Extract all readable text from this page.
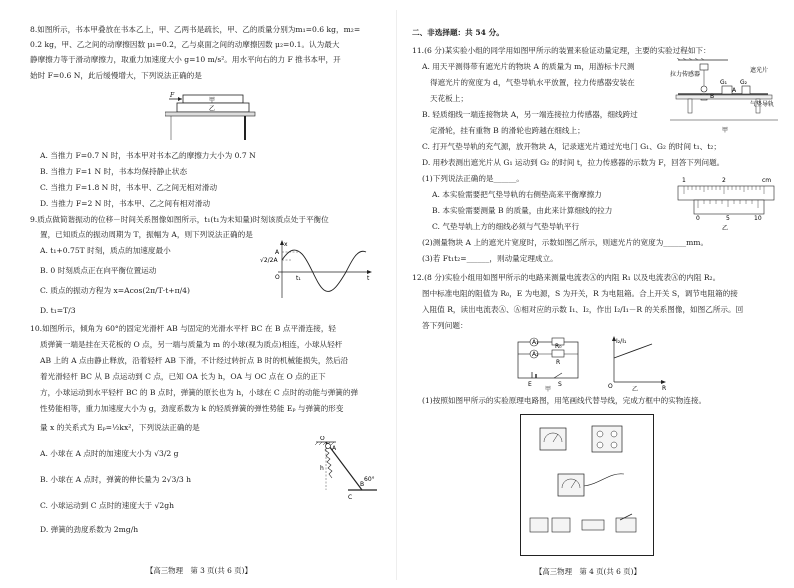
8.如图所示，书本甲叠放在书本乙上，甲、乙两书是疏长，甲、乙的质量分别为m₁=0.6 kg，m₂=

0.2 kg，甲、乙之间的动摩擦因数 μ₁=0.2，乙与桌面之间的动摩擦因数 μ₂=0.1。认为最大

静摩擦力等于滑动摩擦力，取重力加速度大小 g=10 m/s²。用水平向右的力 F 推书本甲，开

始时 F=0.6 N，此后缓慢增大，下列说法正确的是

甲
乙
F
A. 当推力 F=0.7 N 时，书本甲对书本乙的摩擦力大小为 0.7 N
B. 当推力 F=1 N 时，书本均保持静止状态
C. 当推力 F=1.8 N 时，书本甲、乙之间无相对滑动
D. 当推力 F=2 N 时，书本甲、乙之间有相对滑动
9.质点做简谐振动的位移－时间关系图像如图所示，t₁(t₁为未知量)时刻该质点处于平衡位
置，已知质点的振动周期为 T，振幅为 A，则下列说法正确的是
A. t₁+0.75T 时刻，质点的加速度最小
B. 0 时刻质点正在向平衡位置运动
C. 质点的振动方程为 x=Acos(2π/T·t+π/4)
D. t₁=T/3
x
t
O
A
√2/2A
t₁
10.如图所示，倾角为 60°的固定光滑杆 AB 与固定的光滑水平杆 BC 在 B 点平滑连接，轻
质弹簧一端是挂在天花板的 O 点，另一端与质量为 m 的小球(视为质点)相连，小球从轻杆
AB 上的 A 点由静止释放，沿着轻杆 AB 下滑，不计经过转折点 B 时的机械能损失，然后沿
着光滑轻杆 BC 从 B 点运动到 C 点，已知 OA 长为 h，OA 与 OC 点在 O 点的正下
方，小球运动到水平轻杆 BC 的 B 点时，弹簧的原长也为 h，小球在 C 点时的动能与弹簧的弹
性势能相等，重力加速度大小为 g，劲度系数为 k 的轻质弹簧的弹性势能 Eₚ 与弹簧的形变
量 x 的关系式为 Eₚ=½kx²，下列说法正确的是
A. 小球在 A 点时的加速度大小为 √3/2 g
B. 小球在 A 点时，弹簧的伸长量为 2√3/3 h
C. 小球运动到 C 点时的速度大于 √2gh
D. 弹簧的劲度系数为 2mg/h
O
A
B
C
60°
h
【高三物理　第 3 页(共 6 页)】
二、非选择题：共 54 分。
11.(6 分)某实验小组的同学用如图甲所示的装置来验证动量定理，主要的实验过程如下：
A. 用天平测得带有遮光片的物块 A 的质量为 m，用游标卡尺测
得遮光片的宽度为 d，气垫导轨水平放置，拉力传感器安装在
天花板上；
B. 轻质细线一端连接物块 A，另一端连接拉力传感器，细线跨过
定滑轮，挂有重物 B 的滑轮也跨越在细线上；
C. 打开气垫导轨的充气源，放开物块 A，记录遮光片通过光电门 G₁、G₂ 的时间 t₁、t₂；
D. 用秒表测出遮光片从 G₁ 运动到 G₂ 的时间 t，拉力传感器的示数为 F，回答下列问题。
(1)下列说法正确的是______。
A. 本实验需要把气垫导轨的右侧垫高来平衡摩擦力
B. 本实验需要测量 B 的质量，由此来计算细线的拉力
C. 气垫导轨上方的细线必须与气垫导轨平行
(2)测量物块 A 上的遮光片宽度时，示数如图乙所示，则遮光片的宽度为______mm。
(3)若 Ft₁t₂=______，则动量定理成立。
拉力传感器
遮光片
气垫导轨
G₁ G₂
B
A
甲
1	2	cm
0	5	10
乙
12.(8 分)实验小组用如图甲所示的电路来测量电流表Ⓐ的内阻 R₁ 以及电流表Ⓐ的内阻 R₂。
图中标准电阻的阻值为 R₀，E 为电源，S 为开关，R 为电阻箱。合上开关 S，调节电阻箱的接
入阻值 R，读出电流表Ⓐ、Ⓐ相对应的示数 I₁、I₂，作出 I₂/I₁－R 的关系图像，如图乙所示。回
答下列问题：
A₁
A₂
R₀
R
E	S
甲
I₂/I₁
O	R
乙
(1)按照如图甲所示的实验原理电路图，用笔画线代替导线，完成方框中的实物连接。
【高三物理　第 4 页(共 6 页)】
